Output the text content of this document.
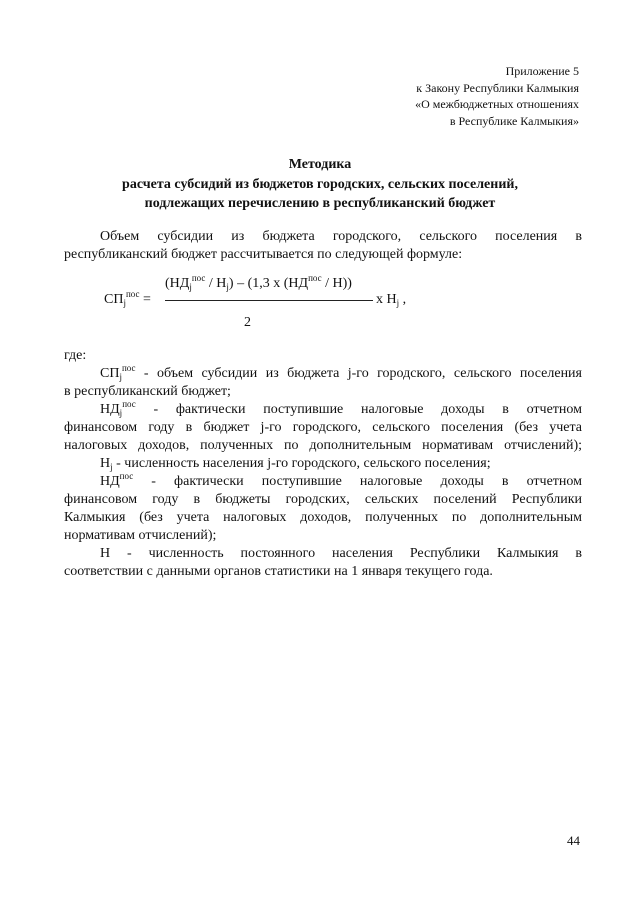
Приложение 5
к Закону Республики Калмыкия
«О межбюджетных отношениях
в Республике Калмыкия»
Методика
расчета субсидий из бюджетов городских, сельских поселений,
подлежащих перечислению в республиканский бюджет
Объем субсидии из бюджета городского, сельского поселения в
республиканский бюджет рассчитывается по следующей формуле:
$СП_j^{пос}$ =
$(НД_j^{пос} / Н_j) - (1,3$ х $(НД^{пос} / Н)$)
2
х $Н_j$ ,
где:
$СП_j^{пос}$ - объем субсидии из бюджета j-го городского, сельского поселения
в республиканский бюджет;
$НД_j^{пос}$ - фактически поступившие налоговые доходы в отчетном
финансовом году в бюджет j-го городского, сельского поселения (без учета
налоговых доходов, полученных по дополнительным нормативам отчислений);
$Н_j$ - численность населения j-го городского, сельского поселения;
$НД^{пос}$ - фактически поступившие налоговые доходы в отчетном
финансовом году в бюджеты городских, сельских поселений Республики
Калмыкия (без учета налоговых доходов, полученных по дополнительным
нормативам отчислений);
Н - численность постоянного населения Республики Калмыкия в
соответствии с данными органов статистики на 1 января текущего года.
44
